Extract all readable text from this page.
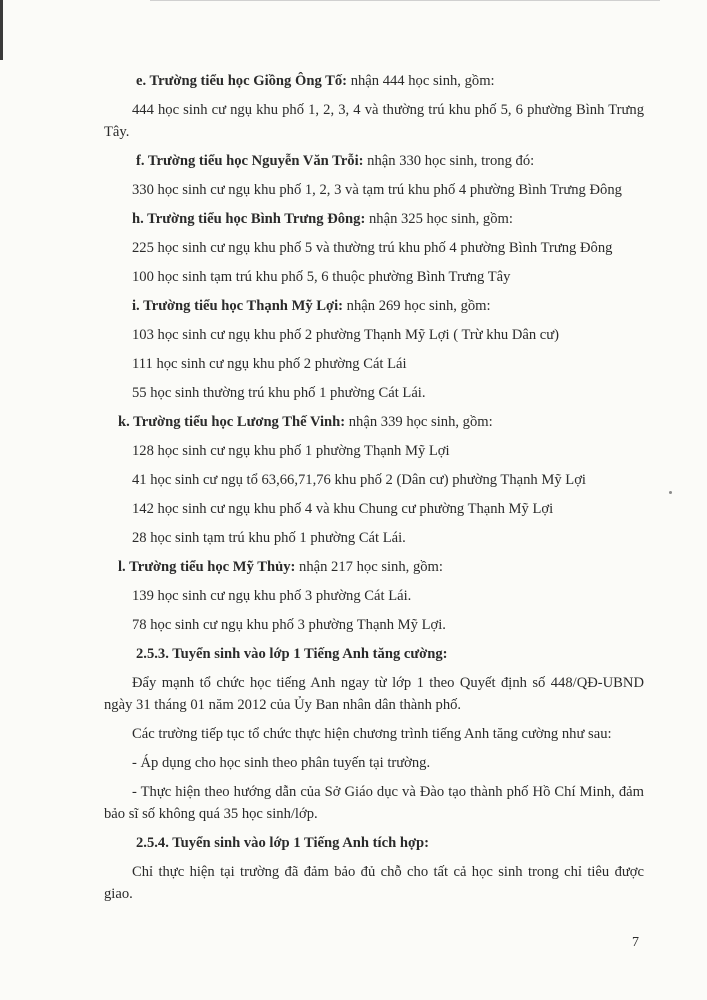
e. Trường tiểu học Giồng Ông Tố: nhận 444 học sinh, gồm:

444 học sinh cư ngụ khu phố 1, 2, 3, 4 và thường trú khu phố 5, 6 phường Bình Trưng Tây.

f. Trường tiểu học Nguyễn Văn Trỗi: nhận 330 học sinh, trong đó:

330 học sinh cư ngụ khu phố 1, 2, 3 và tạm trú khu phố 4 phường Bình Trưng Đông

h. Trường tiểu học Bình Trưng Đông: nhận 325 học sinh, gồm:

225 học sinh cư ngụ khu phố 5 và thường trú khu phố 4 phường Bình Trưng Đông

100 học sinh tạm trú khu phố 5, 6 thuộc phường Bình Trưng Tây

i. Trường tiểu học Thạnh Mỹ Lợi: nhận 269 học sinh, gồm:

103 học sinh cư ngụ khu phố 2 phường Thạnh Mỹ Lợi ( Trừ khu Dân cư)

111 học sinh cư ngụ khu phố 2 phường Cát Lái

55 học sinh thường trú khu phố 1 phường Cát Lái.

k. Trường tiểu học Lương Thế Vinh: nhận 339 học sinh, gồm:

128 học sinh cư ngụ khu phố 1 phường Thạnh Mỹ Lợi

41 học sinh cư ngụ tổ 63,66,71,76 khu phố 2 (Dân cư) phường Thạnh Mỹ Lợi

142 học sinh cư ngụ khu phố 4 và khu Chung cư phường Thạnh Mỹ Lợi

28 học sinh tạm trú khu phố 1 phường Cát Lái.

l. Trường tiểu học Mỹ Thủy: nhận 217 học sinh, gồm:

139 học sinh cư ngụ khu phố 3 phường Cát Lái.

78 học sinh cư ngụ khu phố 3 phường Thạnh Mỹ Lợi.

2.5.3. Tuyển sinh vào lớp 1 Tiếng Anh tăng cường:

Đẩy mạnh tổ chức học tiếng Anh ngay từ lớp 1 theo Quyết định số 448/QĐ-UBND ngày 31 tháng 01 năm 2012 của Ủy Ban nhân dân thành phố.

Các trường tiếp tục tổ chức thực hiện chương trình tiếng Anh tăng cường như sau:

- Áp dụng cho học sinh theo phân tuyến tại trường.

- Thực hiện theo hướng dẫn của Sở Giáo dục và Đào tạo thành phố Hồ Chí Minh, đảm bảo sĩ số không quá 35 học sinh/lớp.

2.5.4. Tuyển sinh vào lớp 1 Tiếng Anh tích hợp:

Chỉ thực hiện tại trường đã đảm bảo đủ chỗ cho tất cả học sinh trong chỉ tiêu được giao.

7
